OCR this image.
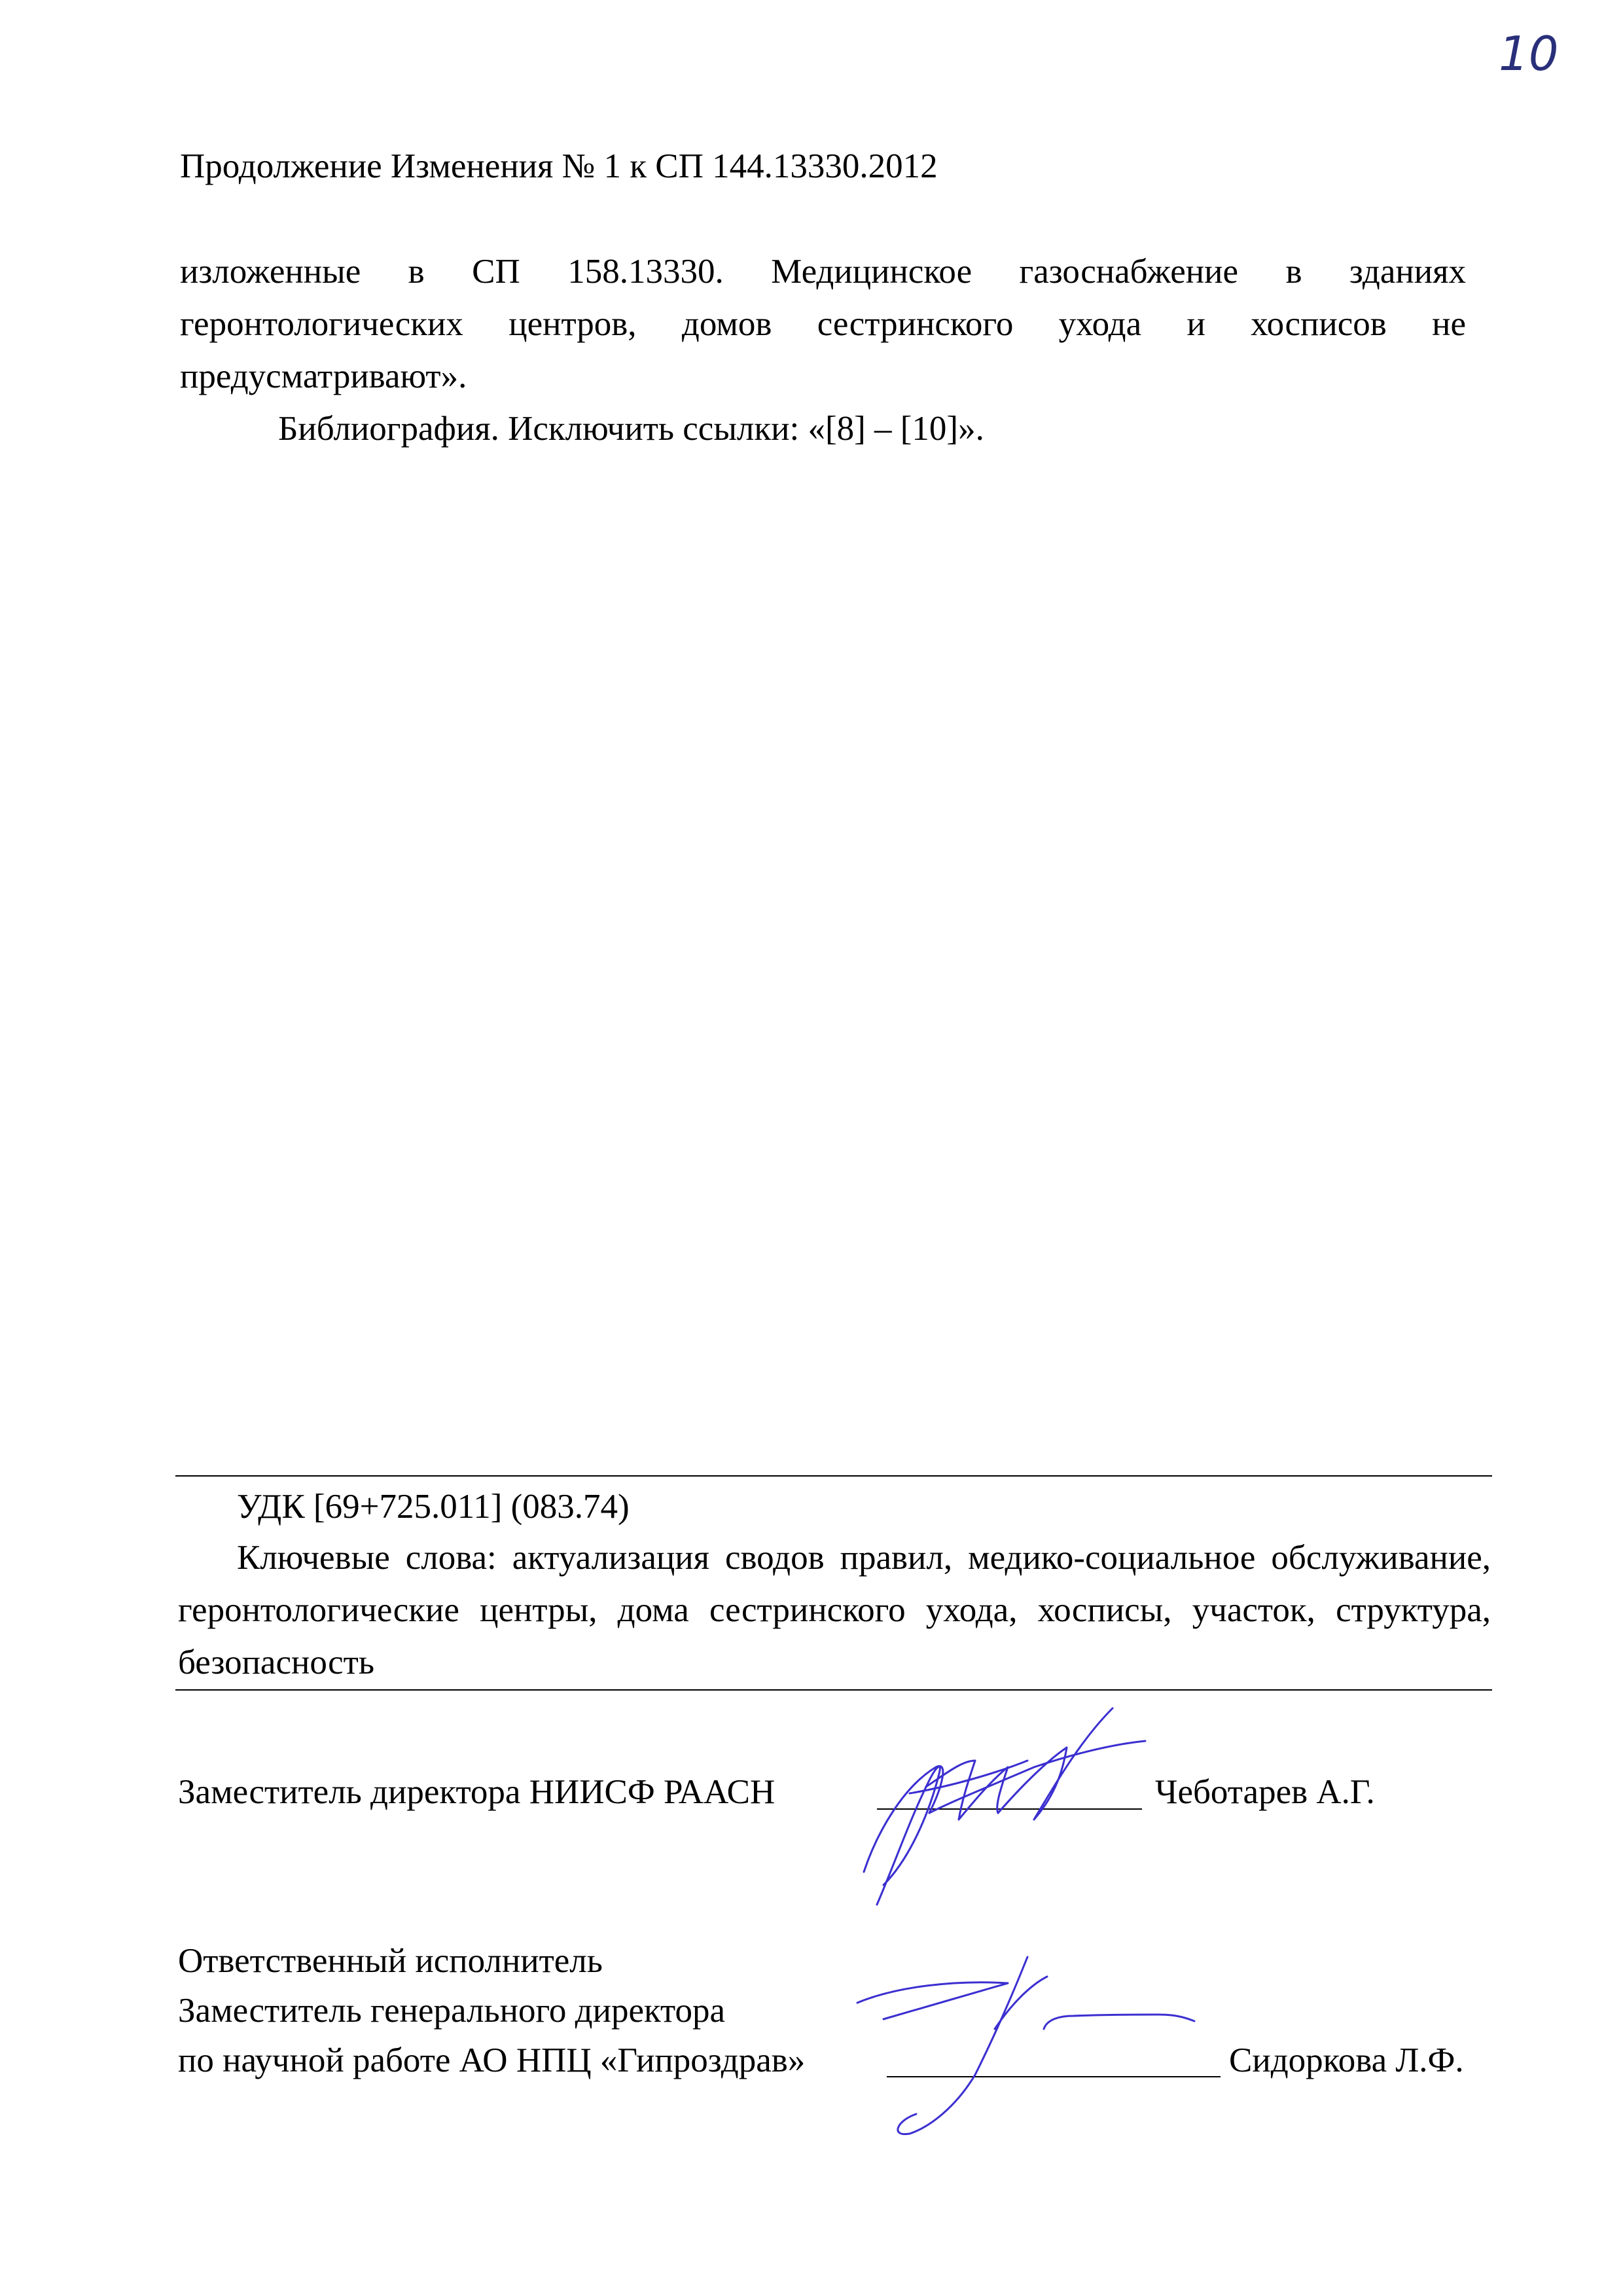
10
Продолжение Изменения № 1 к СП 144.13330.2012

изложенные в СП 158.13330. Медицинское газоснабжение в зданиях геронтологических центров, домов сестринского ухода и хосписов не предусматривают».

Библиография. Исключить ссылки: «[8] – [10]».

УДК [69+725.011] (083.74)
Ключевые слова: актуализация сводов правил, медико-социальное обслуживание, геронтологические центры, дома сестринского ухода, хосписы, участок, структура, безопасность
Заместитель директора НИИСФ РААСН	Чеботарев А.Г.
Ответственный исполнитель
Заместитель генерального директора
по научной работе АО НПЦ «Гипроздрав»	Сидоркова Л.Ф.
